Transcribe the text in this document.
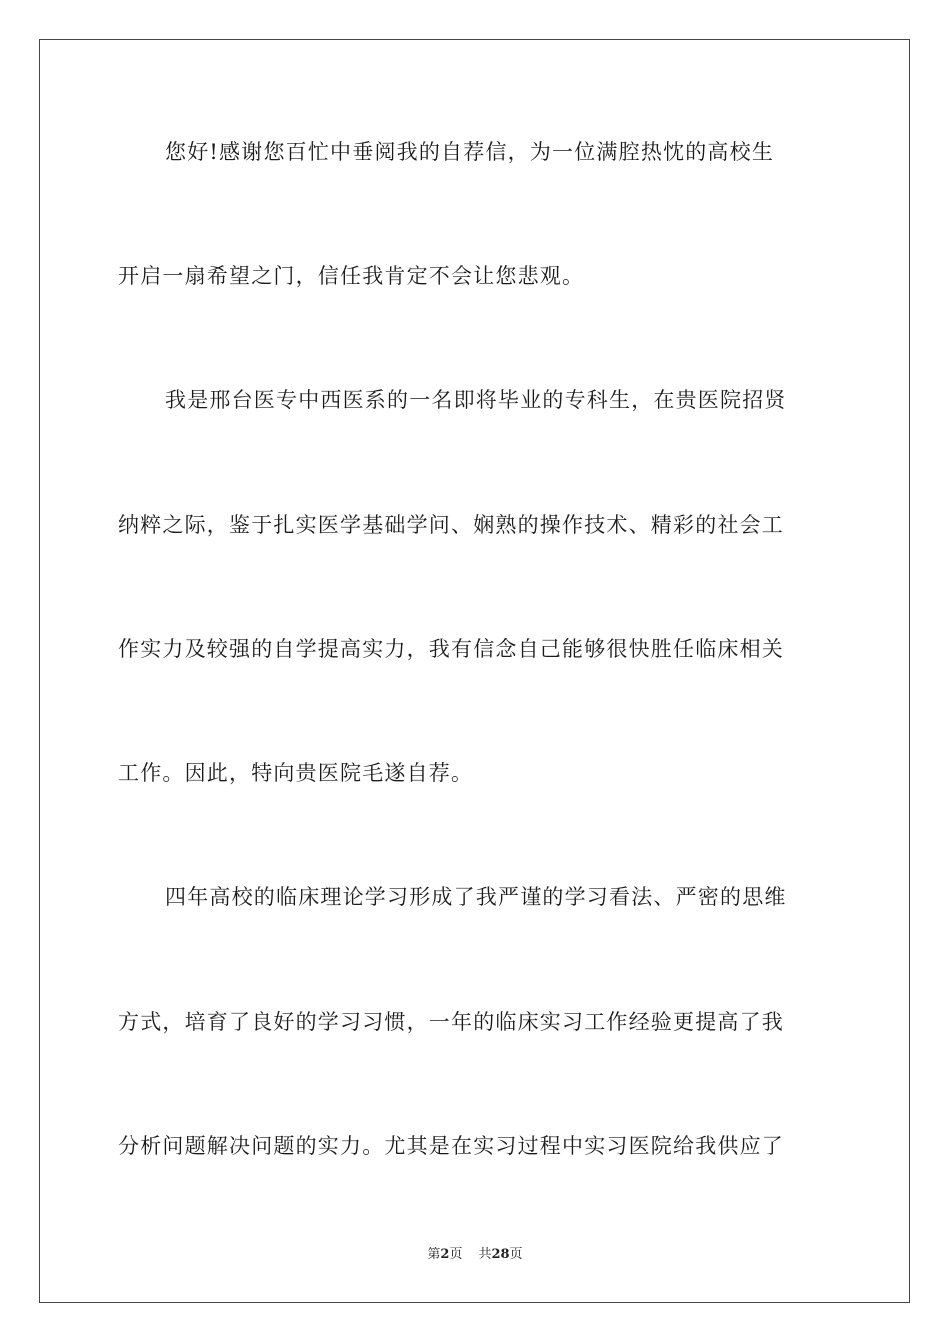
您好!感谢您百忙中垂阅我的自荐信，为一位满腔热忱的高校生
开启一扇希望之门，信任我肯定不会让您悲观。
我是邢台医专中西医系的一名即将毕业的专科生，在贵医院招贤
纳粹之际，鉴于扎实医学基础学问、娴熟的操作技术、精彩的社会工
作实力及较强的自学提高实力，我有信念自己能够很快胜任临床相关
工作。因此，特向贵医院毛遂自荐。
四年高校的临床理论学习形成了我严谨的学习看法、严密的思维
方式，培育了良好的学习习惯，一年的临床实习工作经验更提高了我
分析问题解决问题的实力。尤其是在实习过程中实习医院给我供应了
第2页 共28页
